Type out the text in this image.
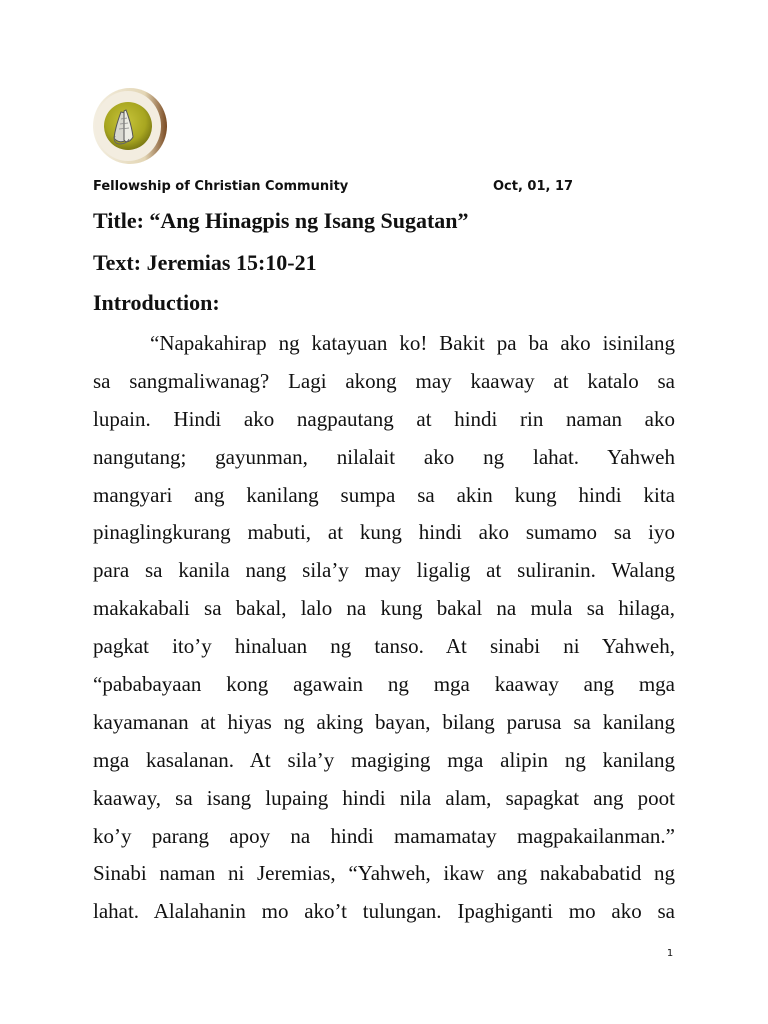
Fellowship of Christian Community	Oct, 01, 17
Title: “Ang Hinagpis ng Isang Sugatan”
Text: Jeremias 15:10-21
Introduction:
“Napakahirap ng katayuan ko! Bakit pa ba ako isinilang
sa sangmaliwanag? Lagi akong may kaaway at katalo sa
lupain. Hindi ako nagpautang at hindi rin naman ako
nangutang; gayunman, nilalait ako ng lahat. Yahweh
mangyari ang kanilang sumpa sa akin kung hindi kita
pinaglingkurang mabuti, at kung hindi ako sumamo sa iyo
para sa kanila nang sila’y may ligalig at suliranin. Walang
makakabali sa bakal, lalo na kung bakal na mula sa hilaga,
pagkat ito’y hinaluan ng tanso. At sinabi ni Yahweh,
“pababayaan kong agawain ng mga kaaway ang mga
kayamanan at hiyas ng aking bayan, bilang parusa sa kanilang
mga kasalanan. At sila’y magiging mga alipin ng kanilang
kaaway, sa isang lupaing hindi nila alam, sapagkat ang poot
ko’y parang apoy na hindi mamamatay magpakailanman.”
Sinabi naman ni Jeremias, “Yahweh, ikaw ang nakababatid ng
lahat. Alalahanin mo ako’t tulungan. Ipaghiganti mo ako sa
1
